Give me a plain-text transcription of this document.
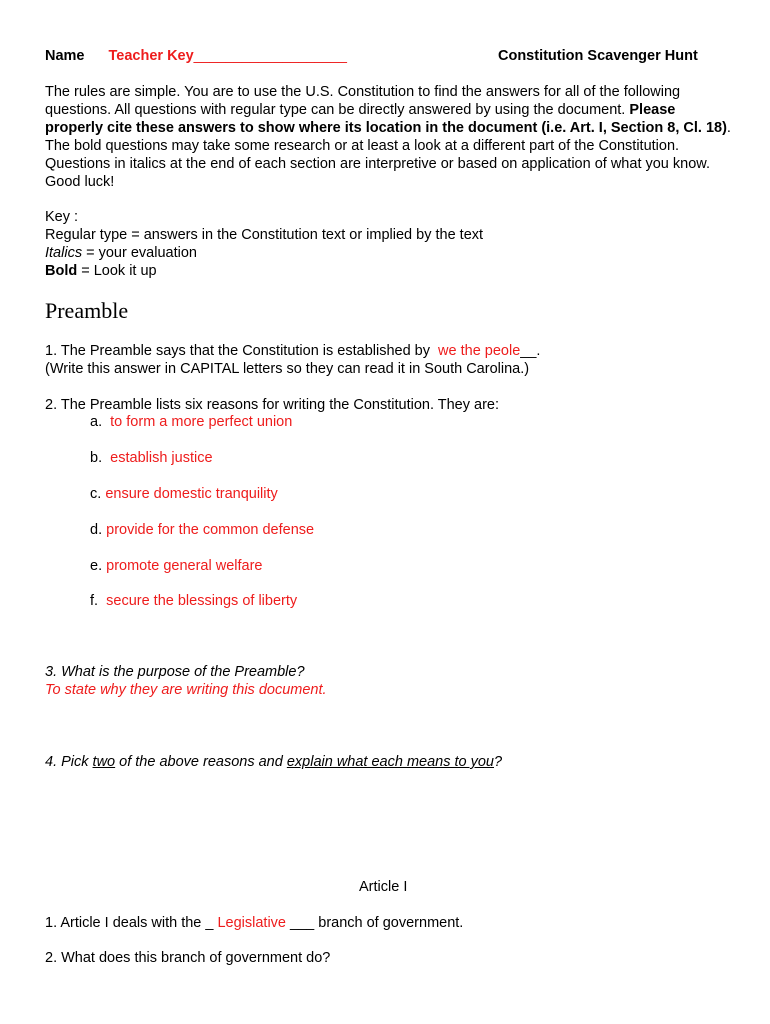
Name Teacher Key___________________	Constitution Scavenger Hunt
The rules are simple. You are to use the U.S. Constitution to find the answers for all of the following questions. All questions with regular type can be directly answered by using the document. Please properly cite these answers to show where its location in the document (i.e. Art. I, Section 8, Cl. 18). The bold questions may take some research or at least a look at a different part of the Constitution. Questions in italics at the end of each section are interpretive or based on application of what you know. Good luck!
Key :
Regular type = answers in the Constitution text or implied by the text
Italics = your evaluation
Bold = Look it up
Preamble
1. The Preamble says that the Constitution is established by we the peole__.
(Write this answer in CAPITAL letters so they can read it in South Carolina.)
2. The Preamble lists six reasons for writing the Constitution. They are:
a. to form a more perfect union
b. establish justice
c. ensure domestic tranquility
d. provide for the common defense
e. promote general welfare
f. secure the blessings of liberty
3. What is the purpose of the Preamble?
To state why they are writing this document.
4. Pick two of the above reasons and explain what each means to you?
Article I
1. Article I deals with the _ Legislative ___ branch of government.
2. What does this branch of government do?
